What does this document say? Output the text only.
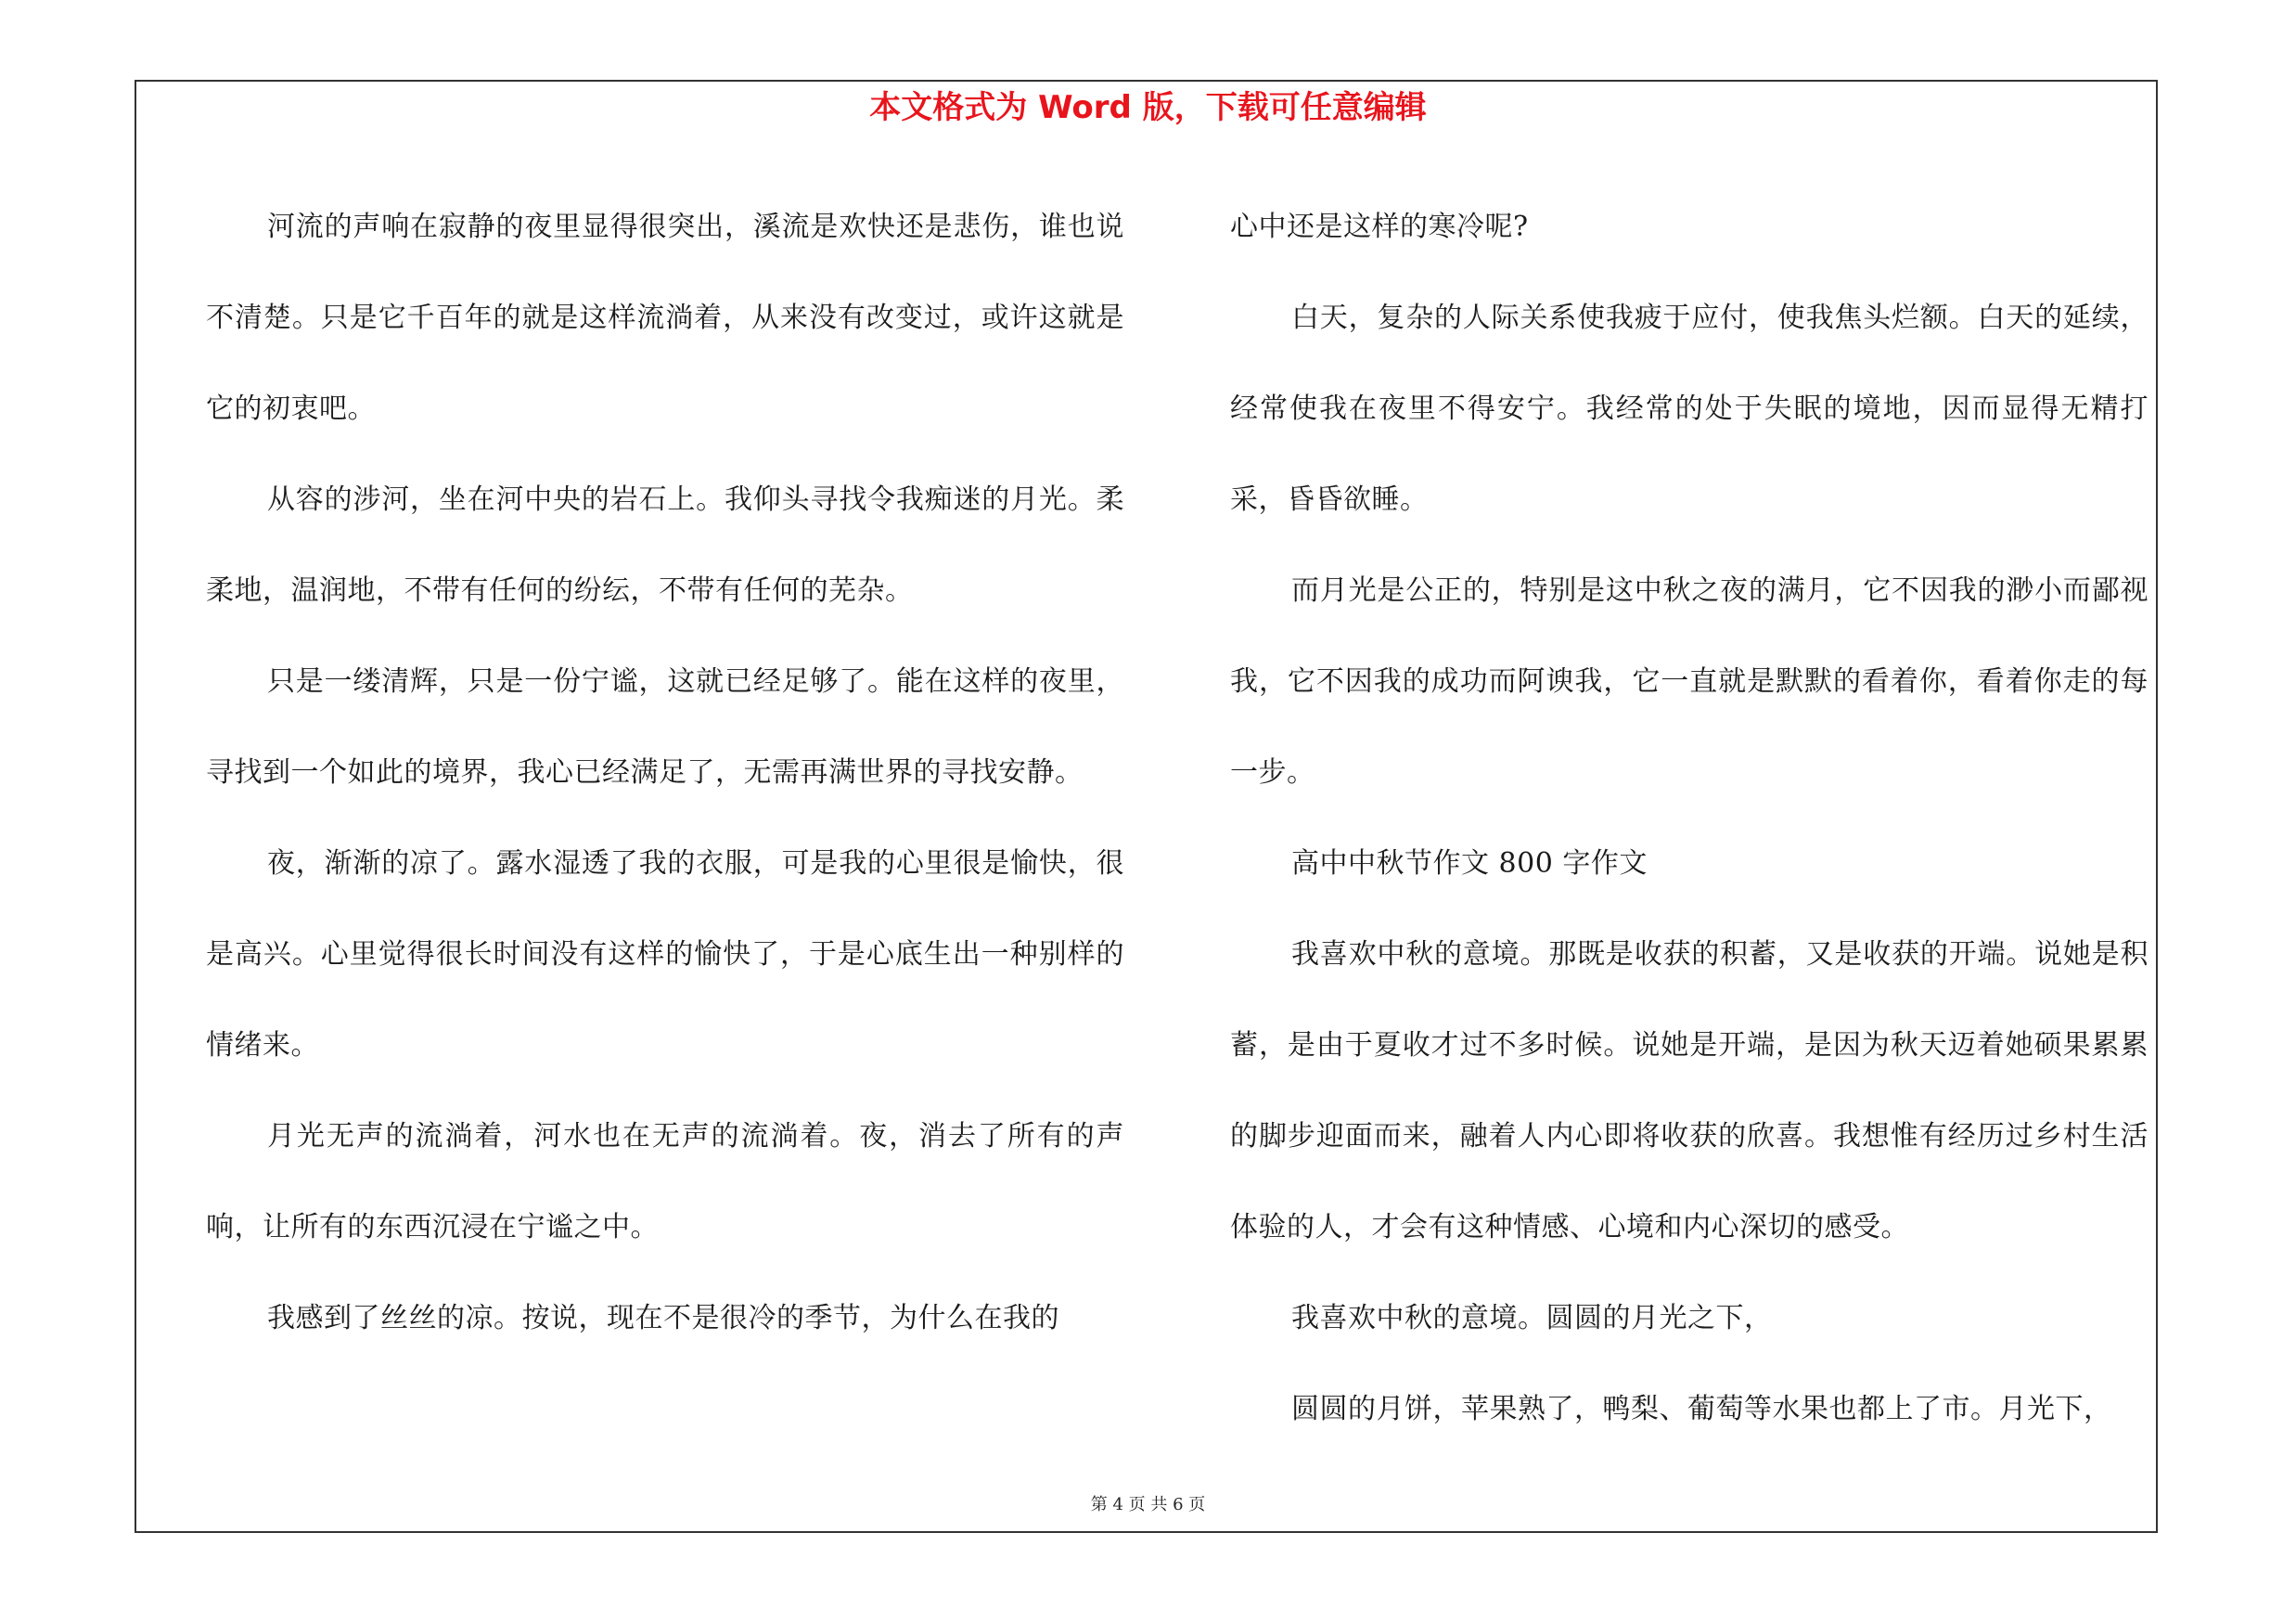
本文格式为 Word 版，下载可任意编辑

河流的声响在寂静的夜里显得很突出，溪流是欢快还是悲伤，谁也说不清楚。只是它千百年的就是这样流淌着，从来没有改变过，或许这就是它的初衷吧。

从容的涉河，坐在河中央的岩石上。我仰头寻找令我痴迷的月光。柔柔地，温润地，不带有任何的纷纭，不带有任何的芜杂。

只是一缕清辉，只是一份宁谧，这就已经足够了。能在这样的夜里，寻找到一个如此的境界，我心已经满足了，无需再满世界的寻找安静。

夜，渐渐的凉了。露水湿透了我的衣服，可是我的心里很是愉快，很是高兴。心里觉得很长时间没有这样的愉快了，于是心底生出一种别样的情绪来。

月光无声的流淌着，河水也在无声的流淌着。夜，消去了所有的声响，让所有的东西沉浸在宁谧之中。

我感到了丝丝的凉。按说，现在不是很冷的季节，为什么在我的

心中还是这样的寒冷呢?

白天，复杂的人际关系使我疲于应付，使我焦头烂额。白天的延续，经常使我在夜里不得安宁。我经常的处于失眠的境地，因而显得无精打采，昏昏欲睡。

而月光是公正的，特别是这中秋之夜的满月，它不因我的渺小而鄙视我，它不因我的成功而阿谀我，它一直就是默默的看着你，看着你走的每一步。

高中中秋节作文 800 字作文

我喜欢中秋的意境。那既是收获的积蓄，又是收获的开端。说她是积蓄，是由于夏收才过不多时候。说她是开端，是因为秋天迈着她硕果累累的脚步迎面而来，融着人内心即将收获的欣喜。我想惟有经历过乡村生活体验的人，才会有这种情感、心境和内心深切的感受。

我喜欢中秋的意境。圆圆的月光之下，

圆圆的月饼，苹果熟了，鸭梨、葡萄等水果也都上了市。月光下，

第 4 页 共 6 页
